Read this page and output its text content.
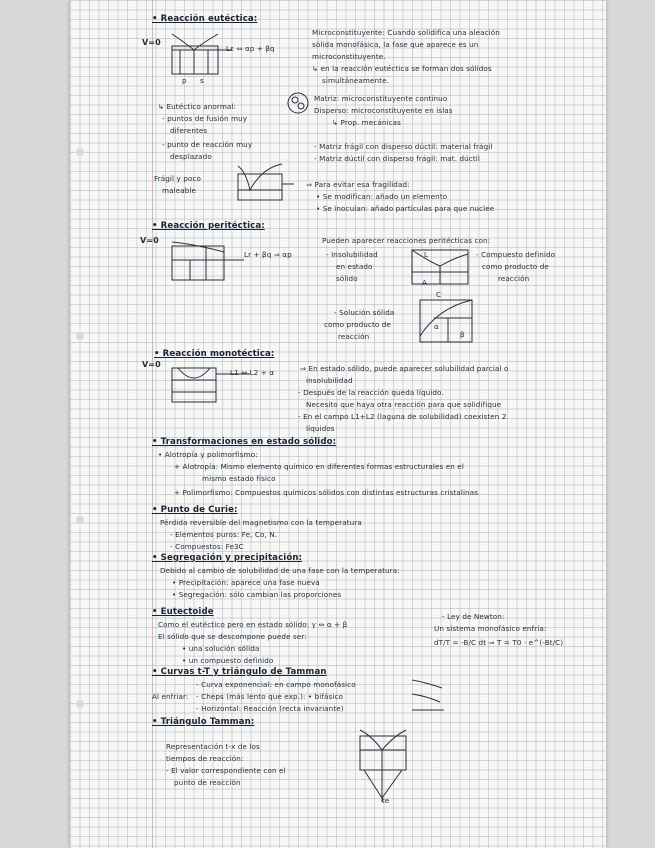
• Reacción eutéctica:
V=0
Lε ⇔ αp + βq
p s
Microconstituyente: Cuando solidifica una aleación
sólida monofásica, la fase que aparece es un
microconstituyente.
↳ en la reacción eutéctica se forman dos sólidos
simultáneamente.
Matriz: microconstituyente continuo
Disperso: microconstituyente en islas
↳ Prop. mecánicas
↳ Eutéctico anormal:
- puntos de fusión muy
diferentes
- punto de reacción muy
desplazado
- Matriz frágil con disperso dúctil: material frágil
- Matriz dúctil con disperso frágil: mat. dúctil
Frágil y poco
maleable
⇒ Para evitar esa fragilidad:
• Se modifican: añado un elemento
• Se inoculan: añado partículas para que nuclee
• Reacción peritéctica:
V=0
Lr + βq ⇒ αp
Pueden aparecer reacciones peritécticas con:
- Insolubilidad
en estado
sólido
- Compuesto definido
como producto de
reacción
A
L
C
- Solución sólida
como producto de
reacción
α
β
• Reacción monotéctica:
V=0
L1 ⇔ L2 + α	⇒ En estado sólido, puede aparecer solubilidad parcial o
insolubilidad
- Después de la reacción queda líquido.
Necesito que haya otra reacción para que solidifique
- En el campo L1+L2 (laguna de solubilidad) coexisten 2
líquidos
• Transformaciones en estado sólido:
• Alotropía y polimorfismo:
+ Alotropía: Mismo elemento químico en diferentes formas estructurales en el
mismo estado físico
+ Polimorfismo: Compuestos químicos sólidos con distintas estructuras cristalinas
• Punto de Curie:
Pérdida reversible del magnetismo con la temperatura
- Elementos puros: Fe, Co, N.
- Compuestos: Fe3C
• Segregación y precipitación:
Debido al cambio de solubilidad de una fase con la temperatura:
• Precipitación: aparece una fase nueva
• Segregación: sólo cambian las proporciones
• Eutectoide
Como el eutéctico pero en estado sólido: γ ⇔ α + β
El sólido que se descompone puede ser:
• una solución sólida
• un compuesto definido
- Ley de Newton:
Un sistema monofásico enfría:
dT/T = -B/C dt ⇒ T = T0 · e^(-Bt/C)
• Curvas t-T y triángulo de Tamman
Al enfriar:
- Curva exponencial: en campo monofásico
- Cheps (más lento que exp.): • bifásico
- Horizontal: Reacción (recta invariante)
• Triángulo Tamman:
Representación t-x de los
tiempos de reacción:
- El valor correspondiente con el
punto de reacción
te
